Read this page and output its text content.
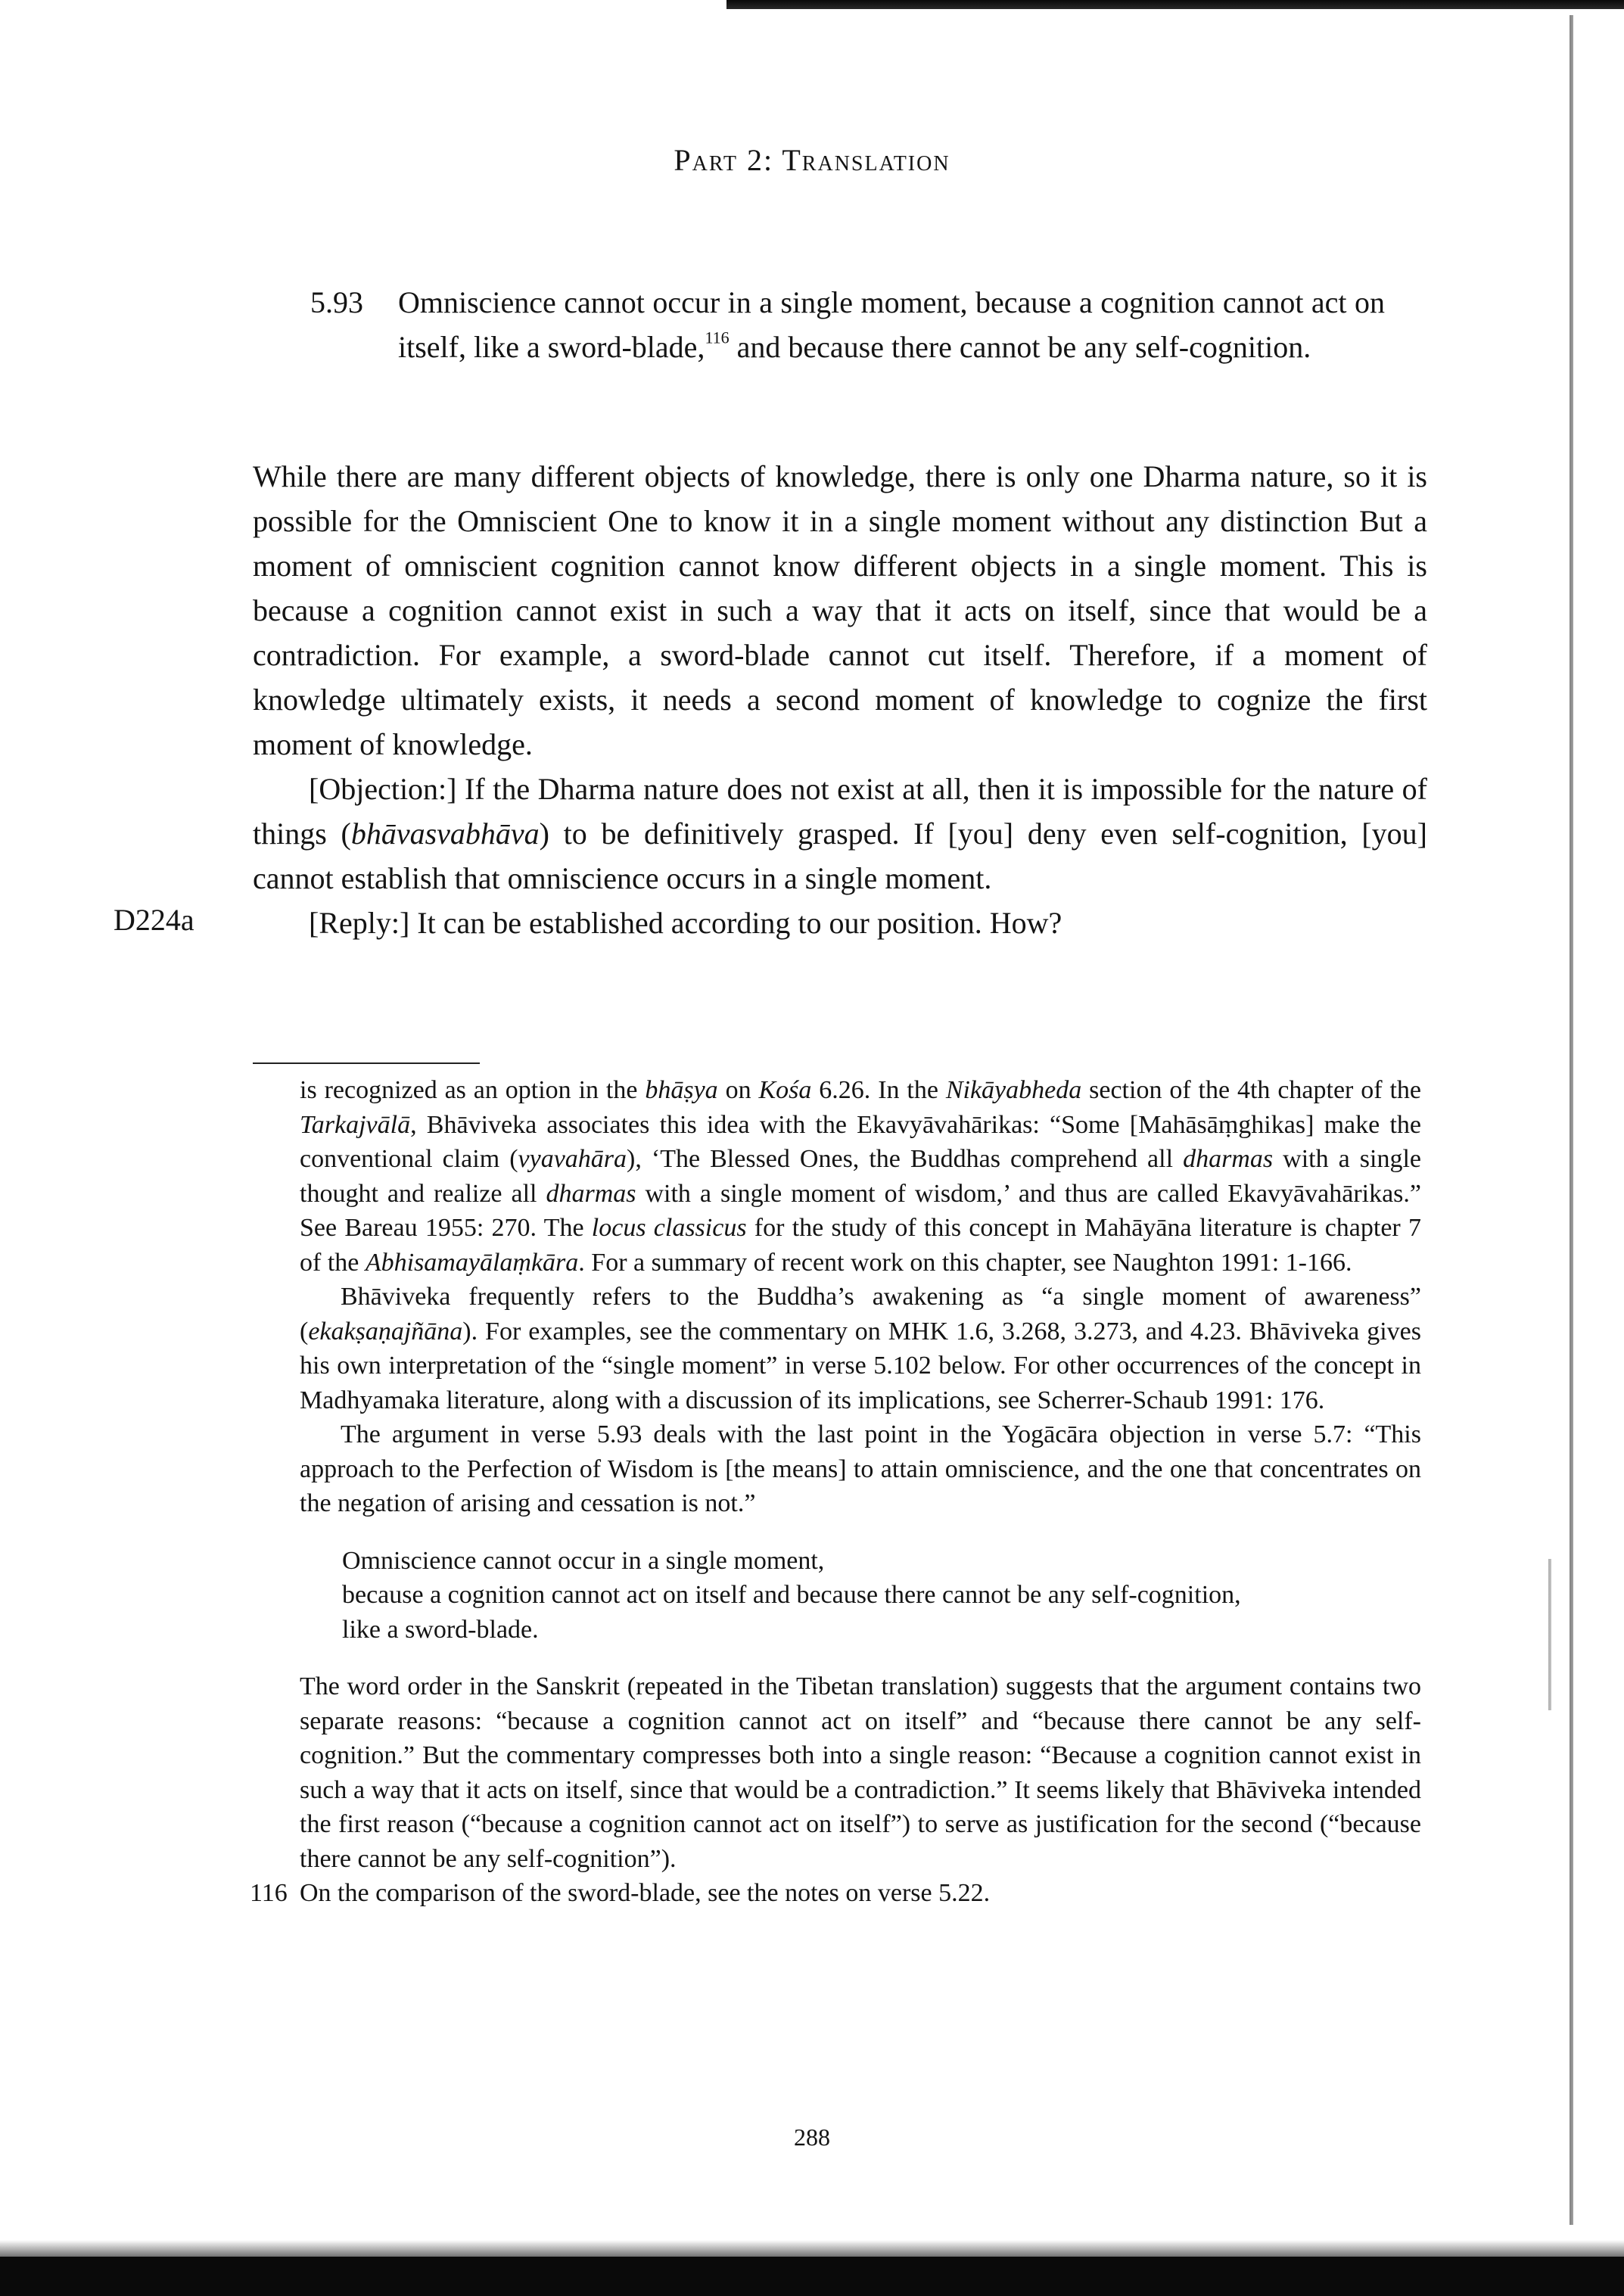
Part 2: Translation
5.93 Omniscience cannot occur in a single moment, because a cognition cannot act on itself, like a sword-blade,$^{116}$ and because there cannot be any self-cognition.

While there are many different objects of knowledge, there is only one Dharma nature, so it is possible for the Omniscient One to know it in a single moment without any distinction But a moment of omniscient cognition cannot know different objects in a single moment. This is because a cognition cannot exist in such a way that it acts on itself, since that would be a contradiction. For example, a sword-blade cannot cut itself. Therefore, if a moment of knowledge ultimately exists, it needs a second moment of knowledge to cognize the first moment of knowledge.

[Objection:] If the Dharma nature does not exist at all, then it is impossible for the nature of things (bhāvasvabhāva) to be definitively grasped. If [you] deny even self-cognition, [you] cannot establish that omniscience occurs in a single moment.

[Reply:] It can be established according to our position. How?

D224a

is recognized as an option in the bhāṣya on Kośa 6.26. In the Nikāyabheda section of the 4th chapter of the Tarkajvālā, Bhāviveka associates this idea with the Ekavyāvahārikas: “Some [Mahāsāṃghikas] make the conventional claim (vyavahāra), ‘The Blessed Ones, the Buddhas comprehend all dharmas with a single thought and realize all dharmas with a single moment of wisdom,’ and thus are called Ekavyāvahārikas.” See Bareau 1955: 270. The locus classicus for the study of this concept in Mahāyāna literature is chapter 7 of the Abhisamayālaṃkāra. For a summary of recent work on this chapter, see Naughton 1991: 1-166.

Bhāviveka frequently refers to the Buddha’s awakening as “a single moment of awareness” (ekakṣaṇajñāna). For examples, see the commentary on MHK 1.6, 3.268, 3.273, and 4.23. Bhāviveka gives his own interpretation of the “single moment” in verse 5.102 below. For other occurrences of the concept in Madhyamaka literature, along with a discussion of its implications, see Scherrer-Schaub 1991: 176.

The argument in verse 5.93 deals with the last point in the Yogācāra objection in verse 5.7: “This approach to the Perfection of Wisdom is [the means] to attain omniscience, and the one that concentrates on the negation of arising and cessation is not.”

Omniscience cannot occur in a single moment,
because a cognition cannot act on itself and because there cannot be any self-cognition,
like a sword-blade.

The word order in the Sanskrit (repeated in the Tibetan translation) suggests that the argument contains two separate reasons: “because a cognition cannot act on itself” and “because there cannot be any self-cognition.” But the commentary compresses both into a single reason: “Because a cognition cannot exist in such a way that it acts on itself, since that would be a contradiction.” It seems likely that Bhāviveka intended the first reason (“because a cognition cannot act on itself”) to serve as justification for the second (“because there cannot be any self-cognition”).

116 On the comparison of the sword-blade, see the notes on verse 5.22.

288
